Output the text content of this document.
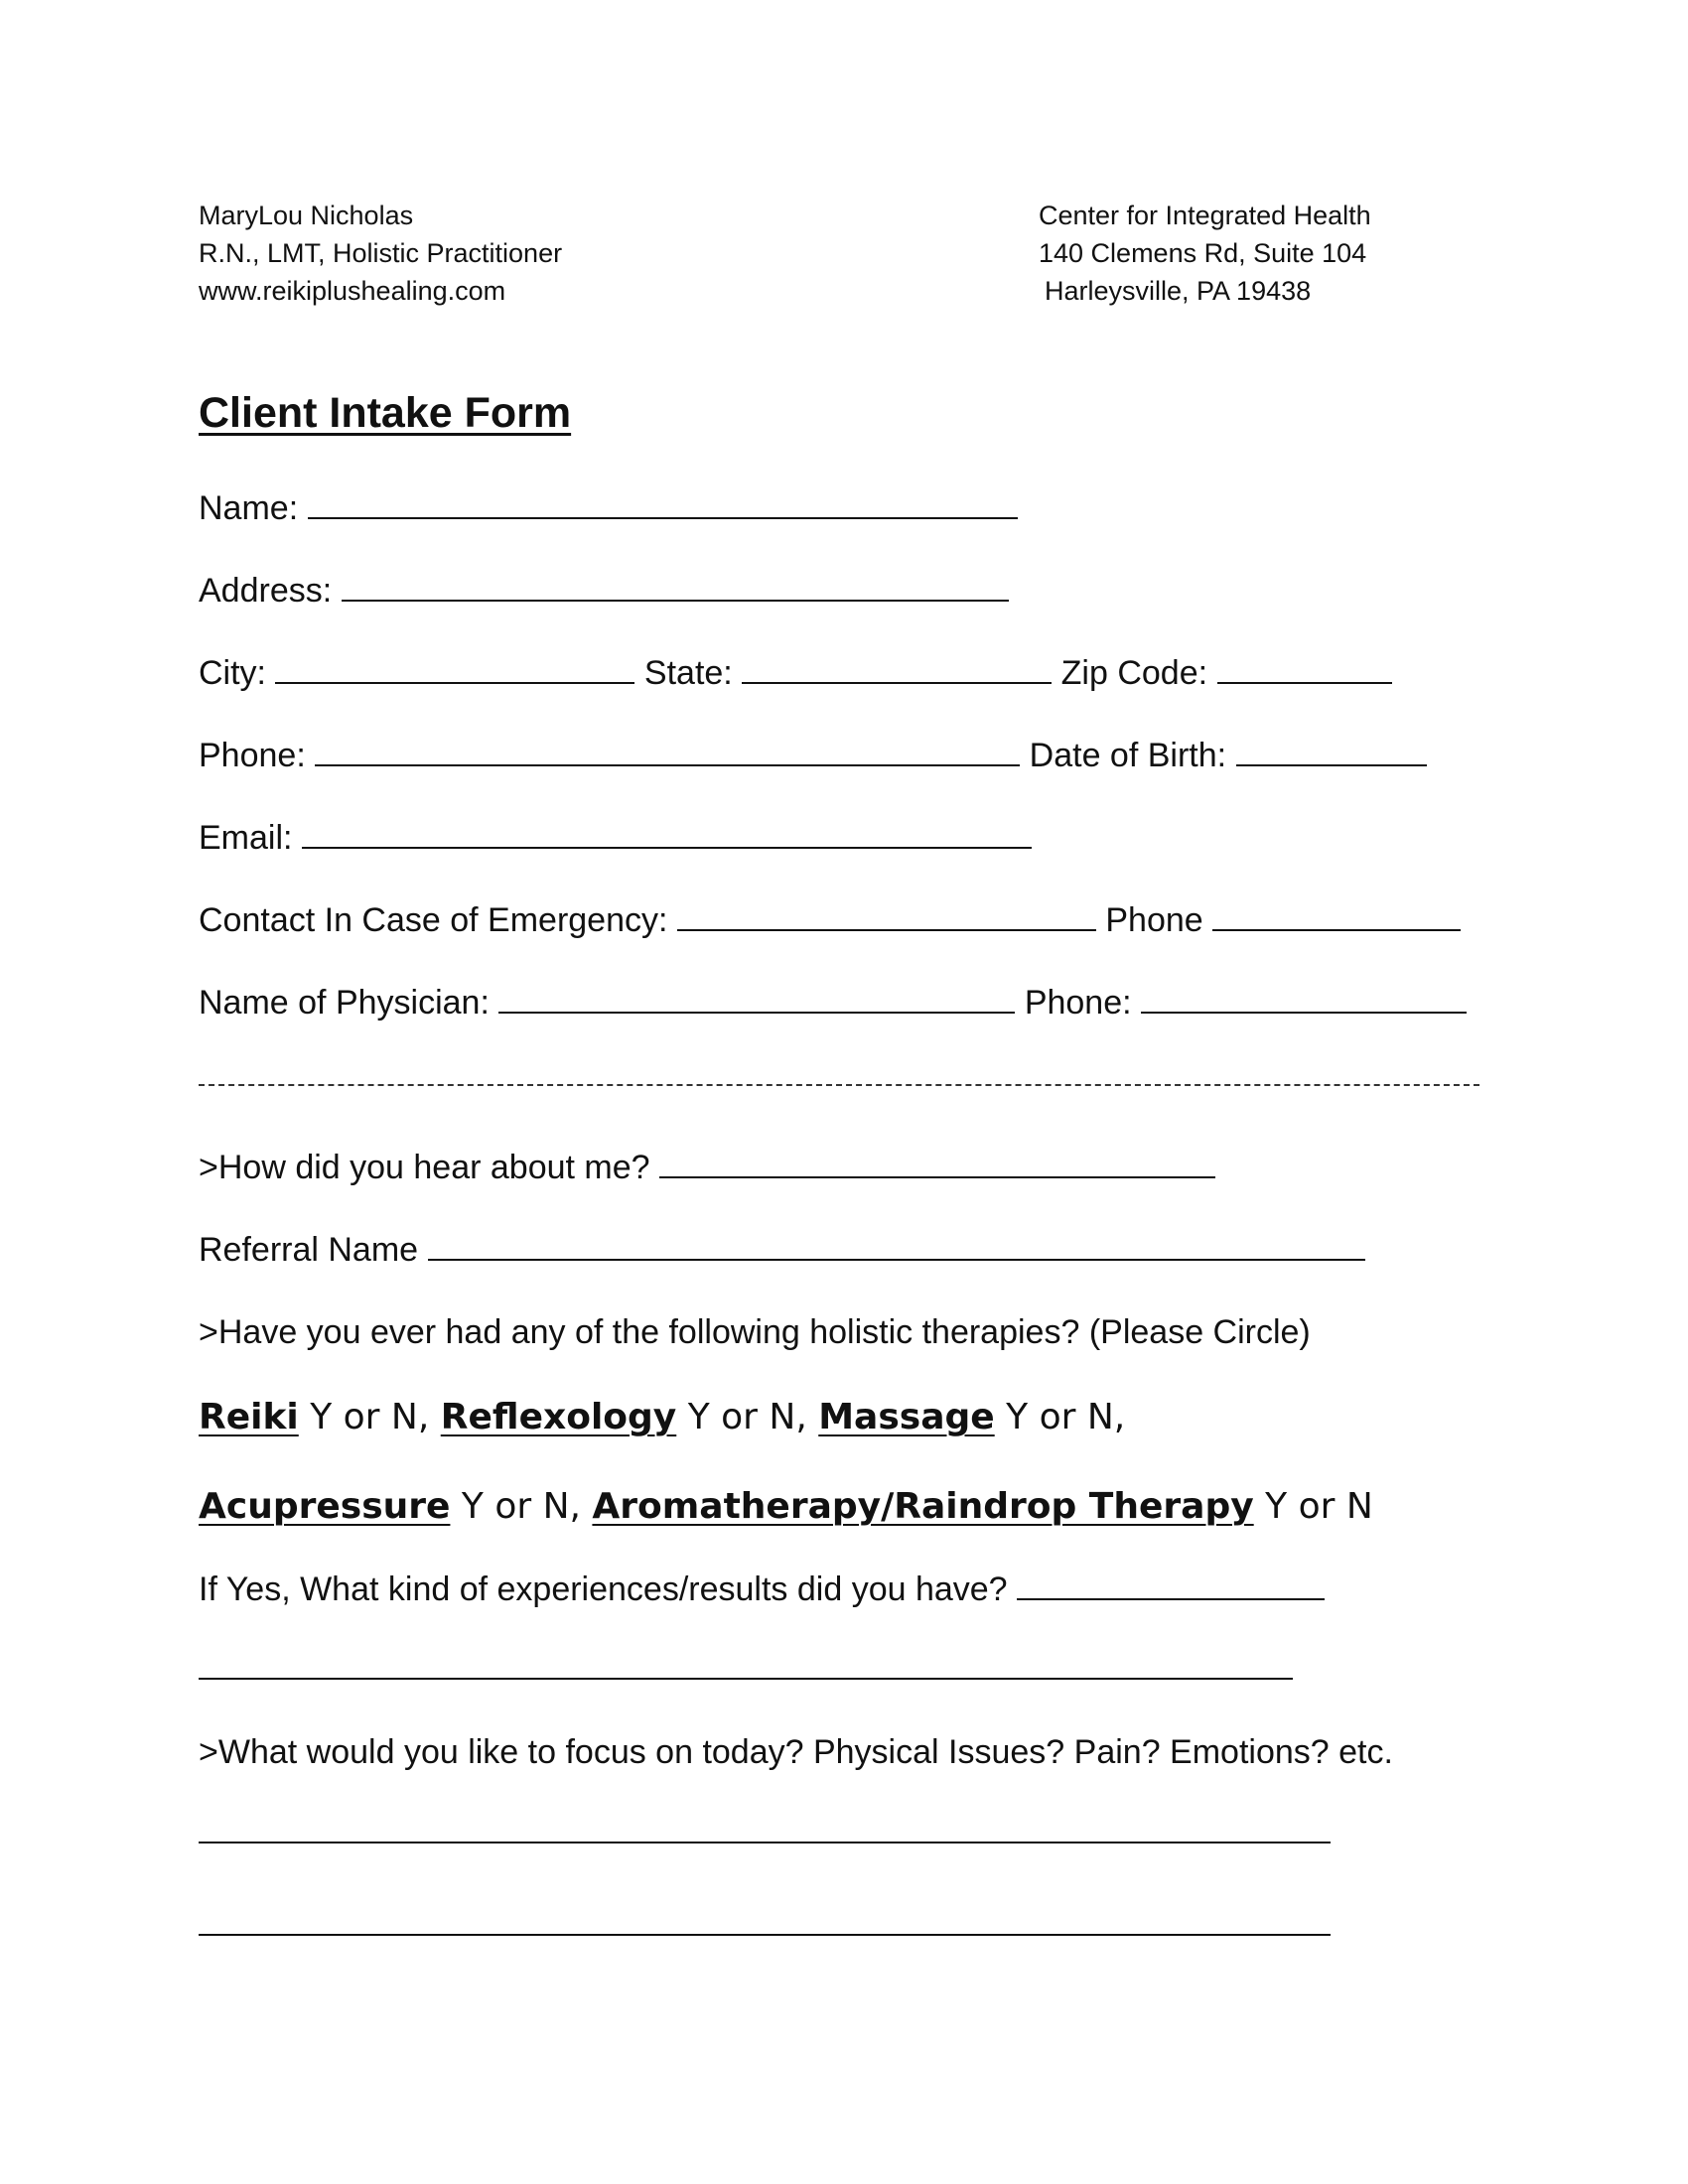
MaryLou Nicholas
R.N., LMT, Holistic Practitioner
www.reikiplushealing.com
Center for Integrated Health
140 Clemens Rd, Suite 104
Harleysville, PA 19438
Client Intake Form
Name:
Address:
City:	State:	Zip Code:
Phone:	Date of Birth:
Email:
Contact In Case of Emergency:	Phone
Name of Physician:	Phone:
>How did you hear about me?
Referral Name
>Have you ever had any of the following holistic therapies? (Please Circle)
Reiki Y or N, Reflexology Y or N, Massage Y or N,
Acupressure Y or N, Aromatherapy/Raindrop Therapy Y or N
If Yes, What kind of experiences/results did you have?
>What would you like to focus on today? Physical Issues? Pain? Emotions? etc.
